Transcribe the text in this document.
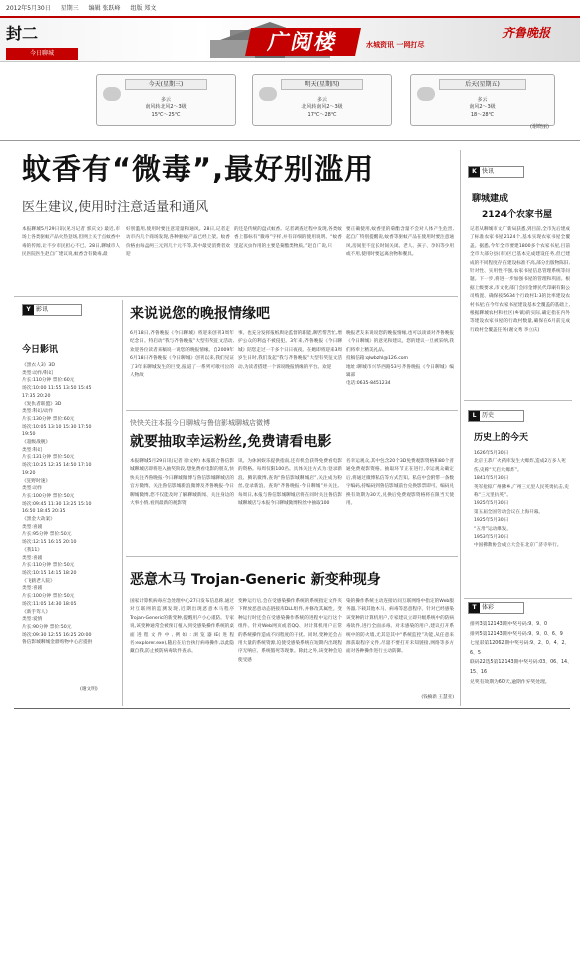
2012年5月30日 星期三 编辑 张跃峰 组版 郑文
封二
今日聊城	广阅楼	水城资讯 一网打尽
齐鲁晚报
今天(星期三)
多云
南风转北风2～3级
15℃～25℃
明天(星期四)
多云
北风转南风2～3级
17℃～28℃
后天(星期五)
多云
南风2～3级
18～28℃
(谢晓丽)
蚊香有“微毒”,最好别滥用
医生建议,使用时注意适量和通风
本报聊城5月29日讯(见习记者 郭庆文) 最近,市场上各类驱蚊产品火热登场,但网上关于点蚊香中毒的传闻,让不少市民担心不已。28日,聊城市人民医院医生赵自广建议说,蚊香含有微毒,最
好别滥用,使用时要注意适量和通风。28日,记者走访市内几个商场发现,各种驱蚊产品已经上架。蚊香价格由每盒两三元到几十元不等,其中最受消费者欢迎
的还是传统的盘式蚊香。记者调查过程中发现,各类蚊香上都标有“微毒”字样,并有详细的使用说明。“蚊香里起灭虫作用的主要是菊酯类物质。”赵自广说,只
要正确使用,蚊香里的菊酯含量不会对人体产生危害,起自广特别提醒说,蚊香等驱蚊产品在使用时要注意通风,房间里不宜长时间关闭。老人、孩子、孕妇等少用或不用,使用时要远离食物和餐具。
Y 影讯
今日影讯
《黑衣人3》3D
类型:动作/科幻
片长:110分钟 票价:60元
场次:10:00 11:55 13:50 15:45
17:35 20:20
《复仇者联盟》3D
类型:科幻/动作
片长:130分钟 票价:60元
场次:10:05 13:10 15:30 17:50
19:50
《超级战舰》
类型:科幻
片长:131分钟 票价:50元
场次:10:25 12:35 14:50 17:10
19:20
《狂野时速》
类型:动作
片长:100分钟 票价:50元
场次:09:45 11:30 13:25 15:10
16:50 18:45 20:35
《黑金大劫案》
类型:喜剧
片长:95分钟 票价:50元
场次:12:15 16:15 20:10
《我11》
类型:喜剧
片长:110分钟 票价:50元
场次:10:15 14:15 18:20
《飞鹤老人院》
类型:喜剧
片长:100分钟 票价:50元
场次:11:05 14:30 18:05
《新手驾人》
类型:爱情
片长:90分钟 票价:50元
场次:09:30 12:55 16:25 20:00
鲁信影城聊城金鼎购物中心店提供
(谢文明)
来说说您的晚报情缘吧
6月18日,齐鲁晚报《今日聊城》将迎来创刊3周年纪念日。特启动“我与齐鲁晚报”大型有奖征文活动,欢迎各位读者来稿说一说您的晚报情缘。自2009年6月18日齐鲁晚报《今日聊城》创刊以来,我们见证了3年来聊城发生的巨变,报道了一系列可歌可泣的人物故
事。也充分发挥报纸舆论监督的职能,聊苦帮苦忙,增护公众的利益不被侵犯。3年来,齐鲁晚报《今日聊城》陪您走过一千多个日日夜夜。在她即将迎来3周岁生日时,我们发起“我与齐鲁晚报”大型有奖征文活动,为读者搭建一个诉说晚报情缘的平台。欢迎
晚报老友来说说您的晚报情缘,也可以谈谈对齐鲁晚报《今日聊城》的意见和建议。您的建议一旦被采纳,我们将奉上精美礼品。
投稿信箱:qlwbzhl@126.com
地址:聊城市兴华西路53号齐鲁晚报《今日聊城》编辑部
电话:0635-8451234
快快关注本报今日聊城与鲁信影城聊城店微博
就要抽取幸运粉丝,免费请看电影
本报聊城5月29日讯(记者 徐文婷) 本报联合鲁信影城聊城店即将进入抽奖阶段,想免费看电影的朋友,快快关注齐鲁晚报·今日聊城微博与鲁信影城聊城店的官方微博。关注鲁信影城新浪微博及齐鲁晚报·今日聊城微博,您不仅能及时了解聊城新闻、关注身边的大事小情,看到最新的观影资
讯、为休闲娱乐提供指南,还有机会获得免费看电影的资格。每周仅限100名。具体关注方式为:登录新浪、腾讯微博,查询“鲁信影城聊城店”,关注成为粉丝,登录新浪、查询“齐鲁晚报·今日聊城”并关注。每周日,本报与鲁信影城聊城店将在同时关注鲁信影城聊城店与本报今日聊城微博粉丝中抽取100
名幸运观众,其中包含20个3D免费观影资格和80个普通免费观影资格。抽取环节正在进行,幸运观众确定后,将通过微博私信等方式告知。私信中会附带一条数字编码,持编码到鲁信影城前台兑换影票即可。编码兑换有效期为30天,兑换后免费观影资格将在限当天使用。
恶意木马 Trojan-Generic 新变种现身
国家计算机病毒应急处理中心27日发布信息称,通过对互联网的监测发现,近期出现恶意木马程序Trojan-Generic的新变种,提醒用户小心谨防。专家说,该变种通常会被预订植入到受感染操作系统的桌面进程文件中,例如:浏览器IE(进程名:explorer.exe),随后在后台执行病毒操作,以此隐藏自我,防止被防病毒软件查杀。
变种运行后,会在受感染操作系统的系统指定文件夹下释放恶意动态链接库DLL组件,并修改其属性。变种运行时还会在受感染操作系统的进程中运行这个组件。针对Web网页或者QQ、对计算机用户正常的系统操作造成不同程度的干扰。同时,变种还会占用大量的系统资源,迫使受感染系统在短期内出现程序无响应、系统假死等现象。除此之外,该变种会迫使受感
染的操作系统主动连接访问互联网络中指定的Web服务器,下载其他木马、病毒等恶意程序。针对已经感染该变种的计算机用户,专家建议立即升级系统中的防病毒软件,进行全面杀毒。对未感染的用户,建议打开系统中的防火墙,尤其是其中“系统监控”功能,从任意来源获取程序文件,尽量不要打开未知链接,网络等多方面对各种操作进行主动防御。
(钱楠新 王慧亚)
K 快讯
聊城建成
2124个农家书屋
记者从聊城市文广新局获悉,到目前,全市先后建成了标准农家书屋2124个,基本实现农家书屋全覆盖。据悉,今年全市要建1800多个农家书屋,目前全市大部分县(市)区已基本完成建设任务,但已建成的不同程度存在建设标准不高,部分出版物陈旧,针对性、实用性不强,农家书屋信息管理系统等问题。下一步,将进一步加强书屋的管理和巩固。根据上级要求,市文化部门会同金博民代印刷有限公司购置、确保按5634个行政村1:3的比率建设农村书屋;在今年农家书屋建设基本全覆盖的基础上,根据聊城农村和社区(乡镇)的实际,确定指在内外等建设农家书屋的行政村数量,确保在6月前完成行政村全覆盖任务(谢文秀 李立庆)
L 历史
历史上的今天
1626年5月30日
北京王恭厂火药库发生大爆炸,造成2万多人死伤,史称“天启大爆炸”。
1841年5月30日
英军抢掠广州佛乡,广州三元里人民英勇抗击,史称“三元里抗英”。
1925年5月30日
第五届全国劳动会议在上海开幕。
1925年5月30日
“五卅”运动爆发。
1953年5月30日
中国佛教协会成立大会在北京广济寺举行。
T 体彩
排列3第12143期中奖号码:9、9、0
排列5第12143期中奖号码:9、9、0、6、9
七星彩第12062期中奖号码:9、2、0、4、2、6、5
联码22选5第12143期中奖号码:03、06、14、15、16
兑奖有效期为60天,逾期作弃奖处理。
